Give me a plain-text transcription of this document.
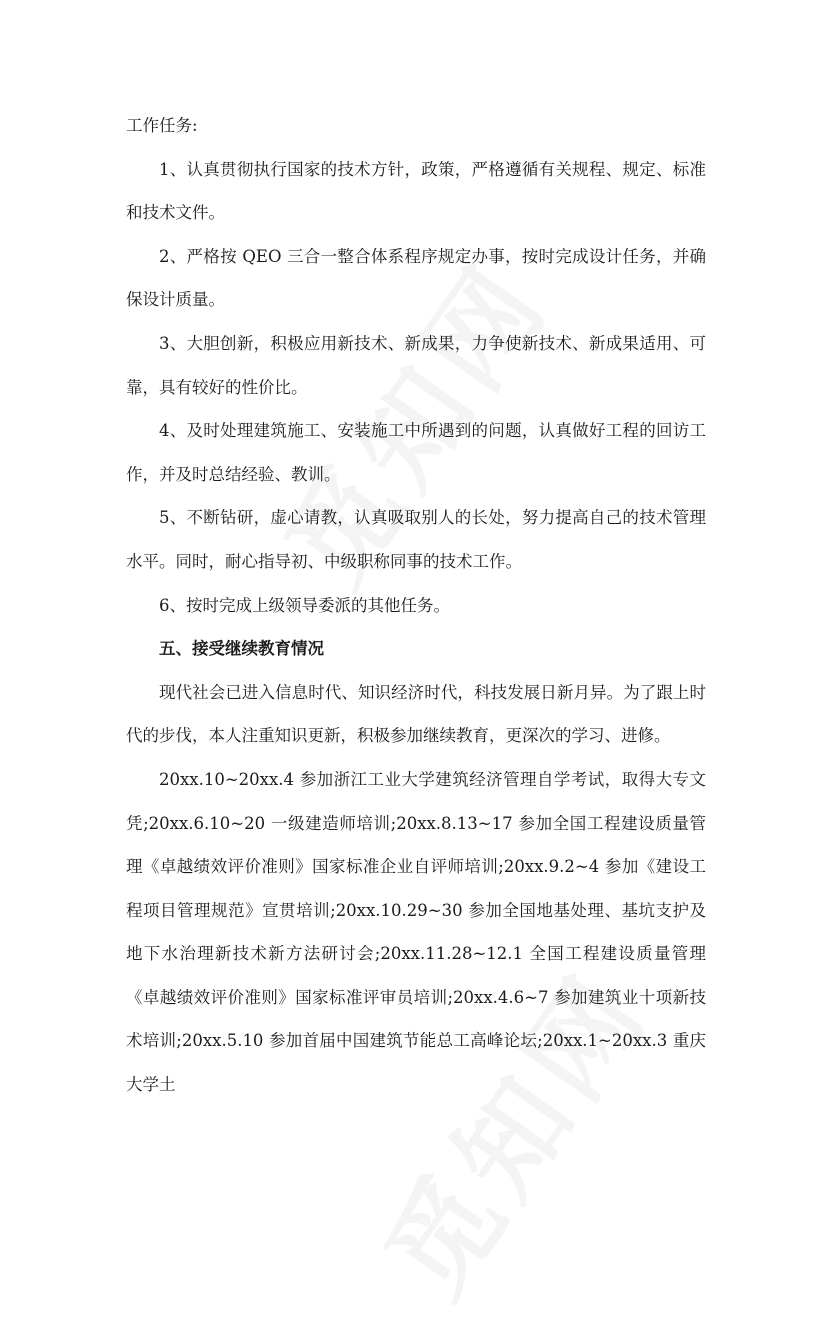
工作任务:

1、认真贯彻执行国家的技术方针，政策，严格遵循有关规程、规定、标准和技术文件。

2、严格按 QEO 三合一整合体系程序规定办事，按时完成设计任务，并确保设计质量。

3、大胆创新，积极应用新技术、新成果，力争使新技术、新成果适用、可靠，具有较好的性价比。

4、及时处理建筑施工、安装施工中所遇到的问题，认真做好工程的回访工作，并及时总结经验、教训。

5、不断钻研，虚心请教，认真吸取别人的长处，努力提高自己的技术管理水平。同时，耐心指导初、中级职称同事的技术工作。

6、按时完成上级领导委派的其他任务。

五、接受继续教育情况

现代社会已进入信息时代、知识经济时代，科技发展日新月异。为了跟上时代的步伐，本人注重知识更新，积极参加继续教育，更深次的学习、进修。

20xx.10~20xx.4 参加浙江工业大学建筑经济管理自学考试，取得大专文凭;20xx.6.10~20 一级建造师培训;20xx.8.13~17 参加全国工程建设质量管理《卓越绩效评价准则》国家标准企业自评师培训;20xx.9.2~4 参加《建设工程项目管理规范》宣贯培训;20xx.10.29~30 参加全国地基处理、基坑支护及地下水治理新技术新方法研讨会;20xx.11.28~12.1 全国工程建设质量管理《卓越绩效评价准则》国家标准评审员培训;20xx.4.6~7 参加建筑业十项新技术培训;20xx.5.10 参加首届中国建筑节能总工高峰论坛;20xx.1~20xx.3 重庆大学土
